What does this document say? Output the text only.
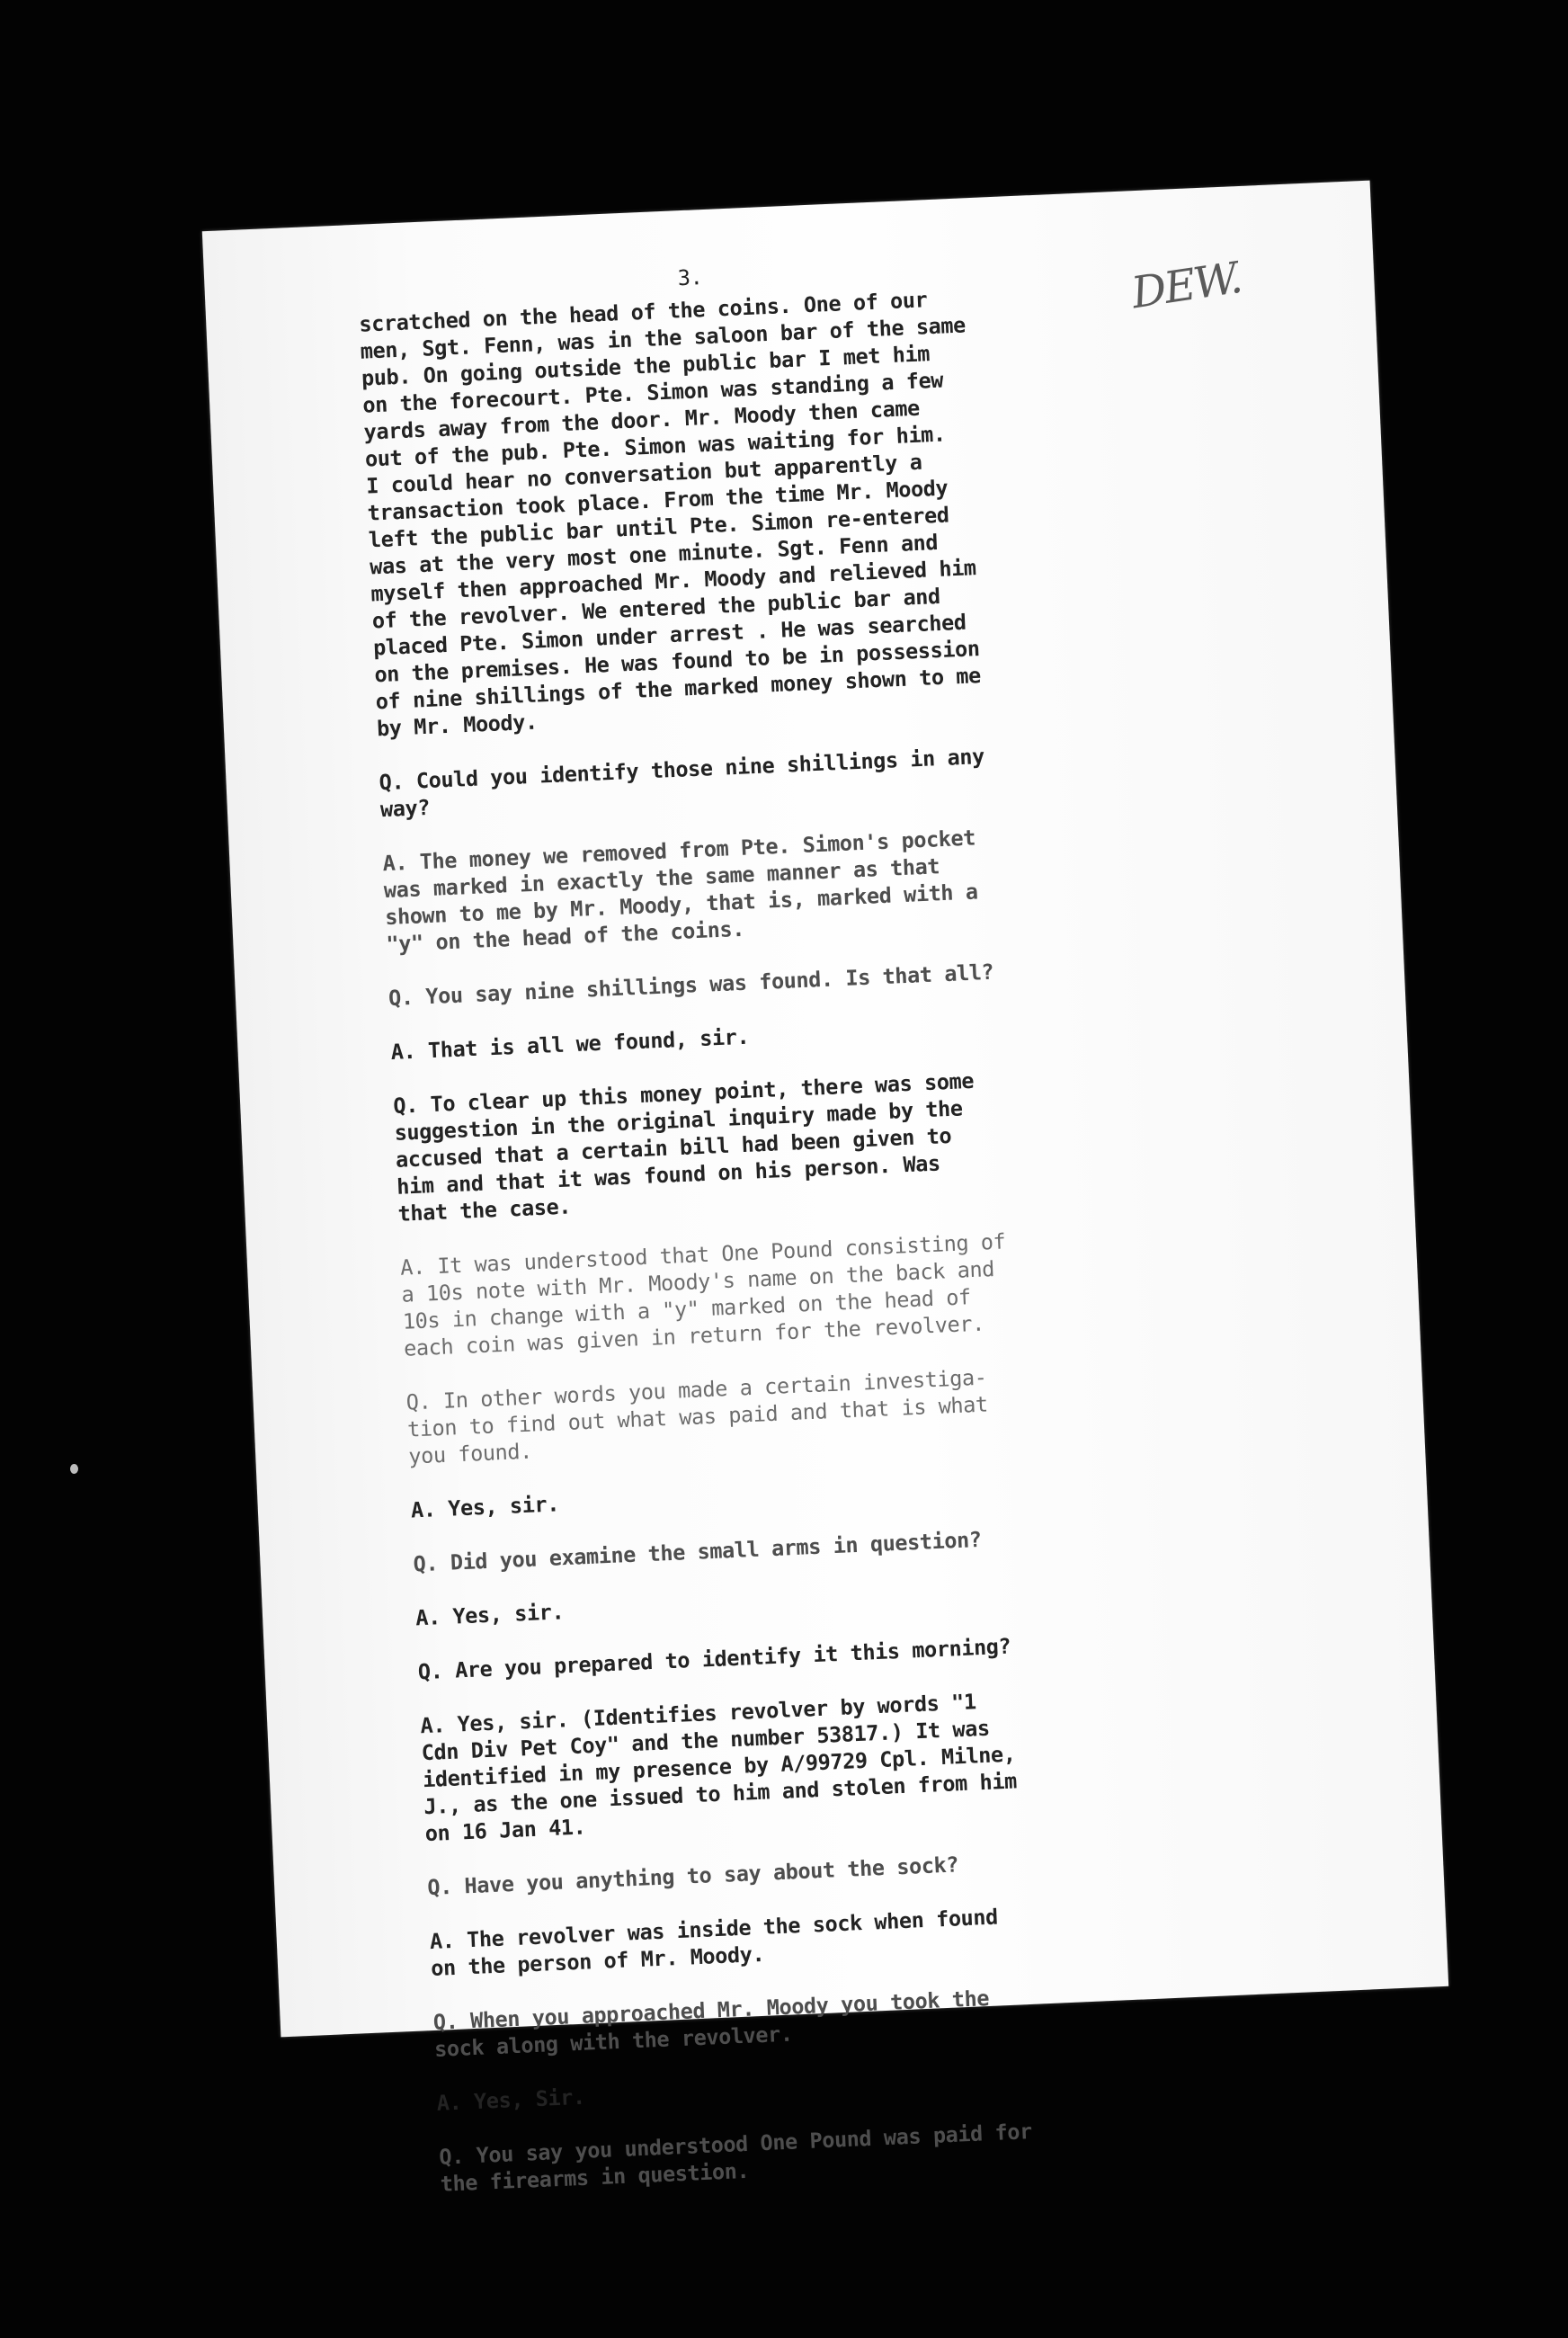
DEW.
3.
scratched on the head of the coins. One of our
men, Sgt. Fenn, was in the saloon bar of the same
pub. On going outside the public bar I met him
on the forecourt. Pte. Simon was standing a few
yards away from the door. Mr. Moody then came
out of the pub. Pte. Simon was waiting for him.
I could hear no conversation but apparently a
transaction took place. From the time Mr. Moody
left the public bar until Pte. Simon re-entered
was at the very most one minute. Sgt. Fenn and
myself then approached Mr. Moody and relieved him
of the revolver. We entered the public bar and
placed Pte. Simon under arrest . He was searched
on the premises. He was found to be in possession
of nine shillings of the marked money shown to me
by Mr. Moody.
Q. Could you identify those nine shillings in any
way?
A. The money we removed from Pte. Simon's pocket
was marked in exactly the same manner as that
shown to me by Mr. Moody, that is, marked with a
"y" on the head of the coins.
Q. You say nine shillings was found. Is that all?
A. That is all we found, sir.
Q. To clear up this money point, there was some
suggestion in the original inquiry made by the
accused that a certain bill had been given to
him and that it was found on his person. Was
that the case.
A. It was understood that One Pound consisting of
a 10s note with Mr. Moody's name on the back and
10s in change with a "y" marked on the head of
each coin was given in return for the revolver.
Q. In other words you made a certain investiga-
tion to find out what was paid and that is what
you found.
A. Yes, sir.
Q. Did you examine the small arms in question?
A. Yes, sir.
Q. Are you prepared to identify it this morning?
A. Yes, sir. (Identifies revolver by words "1
Cdn Div Pet Coy" and the number 53817.) It was
identified in my presence by A/99729 Cpl. Milne,
J., as the one issued to him and stolen from him
on 16 Jan 41.
Q. Have you anything to say about the sock?
A. The revolver was inside the sock when found
on the person of Mr. Moody.
Q. When you approached Mr. Moody you took the
sock along with the revolver.
A. Yes, Sir.
Q. You say you understood One Pound was paid for
the firearms in question.
